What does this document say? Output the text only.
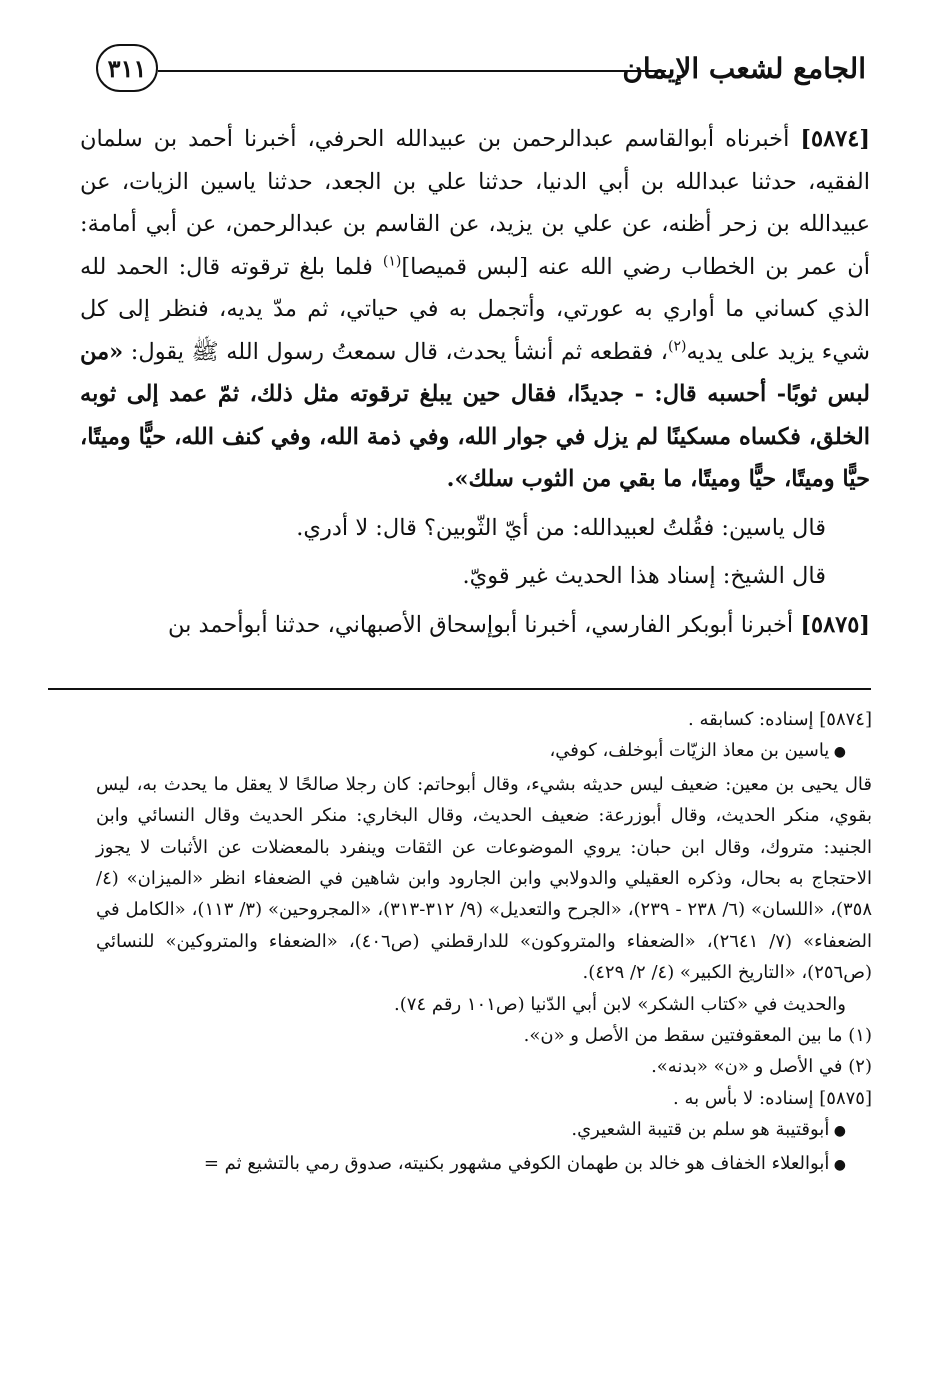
الجامع لشعب الإيمان
٣١١

[٥٨٧٤] أخبرناه أبوالقاسم عبدالرحمن بن عبيدالله الحرفي، أخبرنا أحمد بن سلمان الفقيه، حدثنا عبدالله بن أبي الدنيا، حدثنا علي بن الجعد، حدثنا ياسين الزيات، عن عبيدالله بن زحر أظنه، عن علي بن يزيد، عن القاسم بن عبدالرحمن، عن أبي أمامة: أن عمر بن الخطاب رضي الله عنه [لبس قميصا]$^{(١)}$ فلما بلغ ترقوته قال: الحمد لله الذي كساني ما أواري به عورتي، وأتجمل به في حياتي، ثم مدّ يديه، فنظر إلى كل شيء يزيد على يديه$^{(٢)}$، فقطعه ثم أنشأ يحدث، قال سمعتُ رسول الله ﷺ يقول: «من لبس ثوبًا- أحسبه قال: - جديدًا، فقال حين يبلغ ترقوته مثل ذلك، ثمّ عمد إلى ثوبه الخلق، فكساه مسكينًا لم يزل في جوار الله، وفي ذمة الله، وفي كنف الله، حيًّا وميتًا، حيًّا وميتًا، حيًّا وميتًا، ما بقي من الثوب سلك».

قال ياسين: فقُلتُ لعبيدالله: من أيّ الثّوبين؟ قال: لا أدري.

قال الشيخ: إسناد هذا الحديث غير قويّ.

[٥٨٧٥] أخبرنا أبوبكر الفارسي، أخبرنا أبوإسحاق الأصبهاني، حدثنا أبوأحمد بن

[٥٨٧٤] إسناده: كسابقه .

● ياسين بن معاذ الزيّات أبوخلف، كوفي،

قال يحيى بن معين: ضعيف ليس حديثه بشيء، وقال أبوحاتم: كان رجلا صالحًا لا يعقل ما يحدث به، ليس بقوي، منكر الحديث، وقال أبوزرعة: ضعيف الحديث، وقال البخاري: منكر الحديث وقال النسائي وابن الجنيد: متروك، وقال ابن حبان: يروي الموضوعات عن الثقات وينفرد بالمعضلات عن الأثبات لا يجوز الاحتجاج به بحال، وذكره العقيلي والدولابي وابن الجارود وابن شاهين في الضعفاء انظر «الميزان» (٤/ ٣٥٨)، «اللسان» (٦/ ٢٣٨ - ٢٣٩)، «الجرح والتعديل» (٩/ ٣١٢-٣١٣)، «المجروحين» (٣/ ١١٣)، «الكامل في الضعفاء» (٧/ ٢٦٤١)، «الضعفاء والمتروكون» للدارقطني (ص٤٠٦)، «الضعفاء والمتروكين» للنسائي (ص٢٥٦)، «التاريخ الكبير» (٤/ ٢/ ٤٢٩).

والحديث في «كتاب الشكر» لابن أبي الدّنيا (ص١٠١ رقم ٧٤).

(١) ما بين المعقوفتين سقط من الأصل و «ن».

(٢) في الأصل و «ن» «بدنه».

[٥٨٧٥] إسناده: لا بأس به .

● أبوقتيبة هو سلم بن قتيبة الشعيري.

● أبوالعلاء الخفاف هو خالد بن طهمان الكوفي مشهور بكنيته، صدوق رمي بالتشيع ثم =
